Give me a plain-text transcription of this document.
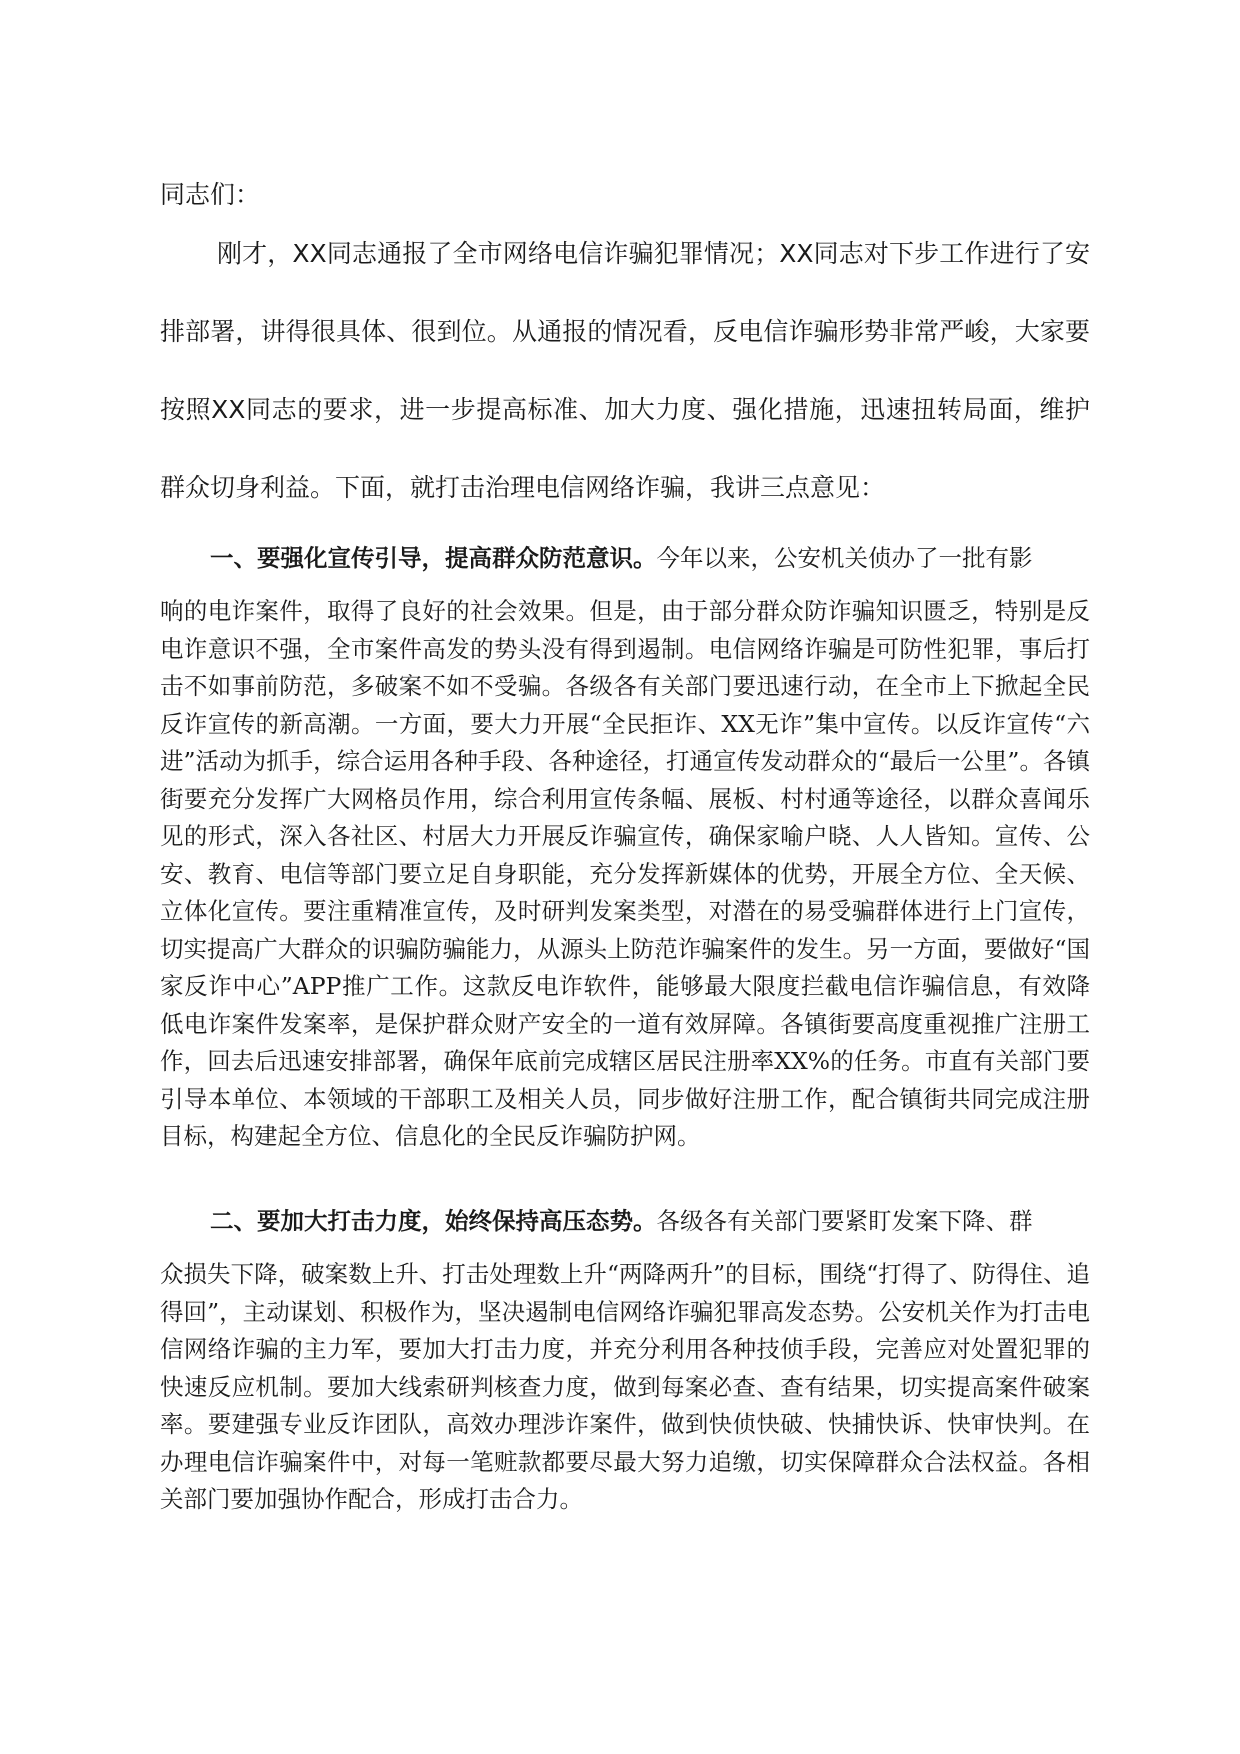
同志们：

刚才，XX同志通报了全市网络电信诈骗犯罪情况；XX同志对下步工作进行了安排部署，讲得很具体、很到位。从通报的情况看，反电信诈骗形势非常严峻，大家要按照XX同志的要求，进一步提高标准、加大力度、强化措施，迅速扭转局面，维护群众切身利益。下面，就打击治理电信网络诈骗，我讲三点意见：

一、要强化宣传引导，提高群众防范意识。今年以来，公安机关侦办了一批有影
响的电诈案件，取得了良好的社会效果。但是，由于部分群众防诈骗知识匮乏，特别是反电诈意识不强，全市案件高发的势头没有得到遏制。电信网络诈骗是可防性犯罪，事后打击不如事前防范，多破案不如不受骗。各级各有关部门要迅速行动，在全市上下掀起全民反诈宣传的新高潮。一方面，要大力开展“全民拒诈、XX无诈”集中宣传。以反诈宣传“六进”活动为抓手，综合运用各种手段、各种途径，打通宣传发动群众的“最后一公里”。各镇街要充分发挥广大网格员作用，综合利用宣传条幅、展板、村村通等途径，以群众喜闻乐见的形式，深入各社区、村居大力开展反诈骗宣传，确保家喻户晓、人人皆知。宣传、公安、教育、电信等部门要立足自身职能，充分发挥新媒体的优势，开展全方位、全天候、立体化宣传。要注重精准宣传，及时研判发案类型，对潜在的易受骗群体进行上门宣传，切实提高广大群众的识骗防骗能力，从源头上防范诈骗案件的发生。另一方面，要做好“国家反诈中心”APP推广工作。这款反电诈软件，能够最大限度拦截电信诈骗信息，有效降低电诈案件发案率，是保护群众财产安全的一道有效屏障。各镇街要高度重视推广注册工作，回去后迅速安排部署，确保年底前完成辖区居民注册率XX%的任务。市直有关部门要引导本单位、本领域的干部职工及相关人员，同步做好注册工作，配合镇街共同完成注册目标，构建起全方位、信息化的全民反诈骗防护网。
二、要加大打击力度，始终保持高压态势。各级各有关部门要紧盯发案下降、群
众损失下降，破案数上升、打击处理数上升“两降两升”的目标，围绕“打得了、防得住、追得回”，主动谋划、积极作为，坚决遏制电信网络诈骗犯罪高发态势。公安机关作为打击电信网络诈骗的主力军，要加大打击力度，并充分利用各种技侦手段，完善应对处置犯罪的快速反应机制。要加大线索研判核查力度，做到每案必查、查有结果，切实提高案件破案率。要建强专业反诈团队，高效办理涉诈案件，做到快侦快破、快捕快诉、快审快判。在办理电信诈骗案件中，对每一笔赃款都要尽最大努力追缴，切实保障群众合法权益。各相关部门要加强协作配合，形成打击合力。
